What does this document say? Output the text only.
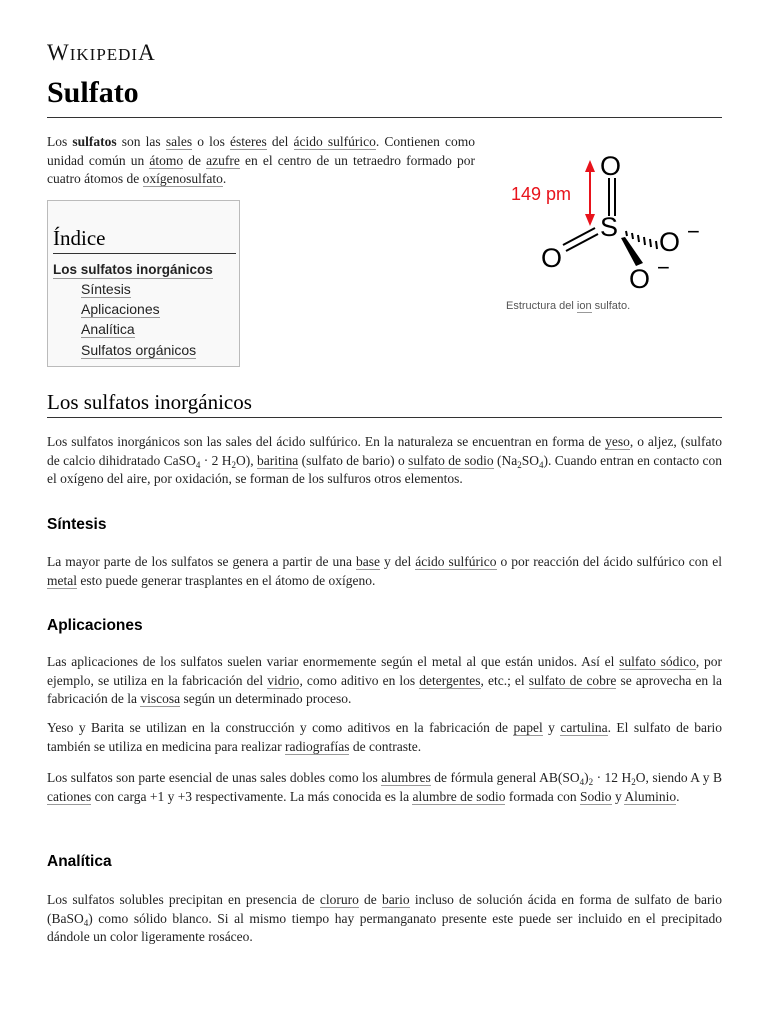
WIKIPEDIA
Sulfato

Los sulfatos son las sales o los ésteres del ácido sulfúrico. Contienen como unidad común un átomo de azufre en el centro de un tetraedro formado por cuatro átomos de oxígenosulfato.

Índice
Los sulfatos inorgánicos
Síntesis
Aplicaciones
Analítica
Sulfatos orgánicos
149 pm
O
S
O
O −
O −
Estructura del ion sulfato.
Los sulfatos inorgánicos

Los sulfatos inorgánicos son las sales del ácido sulfúrico. En la naturaleza se encuentran en forma de yeso, o aljez, (sulfato de calcio dihidratado CaSO$_4$ · 2 $H_2O$), baritina (sulfato de bario) o sulfato de sodio $(Na_2SO_4)$. Cuando entran en contacto con el oxígeno del aire, por oxidación, se forman de los sulfuros otros elementos.

Síntesis

La mayor parte de los sulfatos se genera a partir de una base y del ácido sulfúrico o por reacción del ácido sulfúrico con el metal esto puede generar trasplantes en el átomo de oxígeno.

Aplicaciones

Las aplicaciones de los sulfatos suelen variar enormemente según el metal al que están unidos. Así el sulfato sódico, por ejemplo, se utiliza en la fabricación del vidrio, como aditivo en los detergentes, etc.; el sulfato de cobre se aprovecha en la fabricación de la viscosa según un determinado proceso.

Yeso y Barita se utilizan en la construcción y como aditivos en la fabricación de papel y cartulina. El sulfato de bario también se utiliza en medicina para realizar radiografías de contraste.

Los sulfatos son parte esencial de unas sales dobles como los alumbres de fórmula general $AB(SO_4)_2 \cdot 12$ $H_2O$, siendo A y B cationes con carga +1 y +3 respectivamente. La más conocida es la alumbre de sodio formada con Sodio y Aluminio.

Analítica

Los sulfatos solubles precipitan en presencia de cloruro de bario incluso de solución ácida en forma de sulfato de bario (BaSO$_4$) como sólido blanco. Si al mismo tiempo hay permanganato presente este puede ser incluido en el precipitado dándole un color ligeramente rosáceo.
